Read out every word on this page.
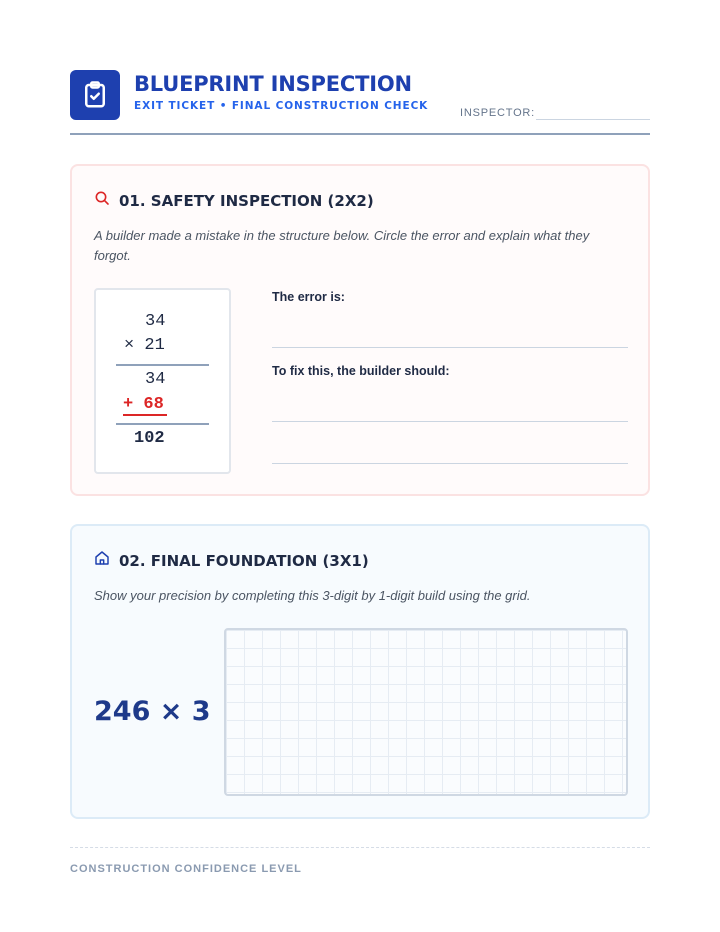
BLUEPRINT INSPECTION
EXIT TICKET • FINAL CONSTRUCTION CHECK
INSPECTOR:
01. SAFETY INSPECTION (2X2)
A builder made a mistake in the structure below. Circle the error and explain what they forgot.
34
× 21
34
+ 68
102
The error is:
To fix this, the builder should:
02. FINAL FOUNDATION (3X1)
Show your precision by completing this 3-digit by 1-digit build using the grid.
246 × 3
CONSTRUCTION CONFIDENCE LEVEL
